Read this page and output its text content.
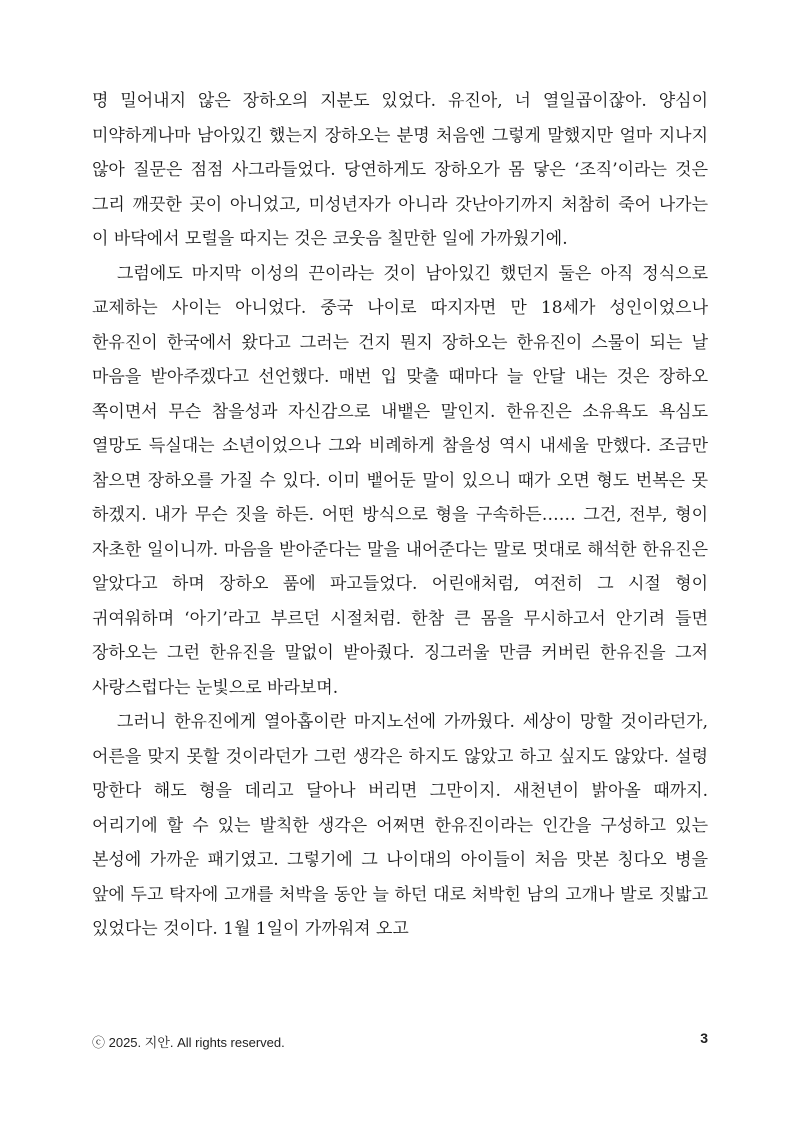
명 밀어내지 않은 장하오의 지분도 있었다. 유진아, 너 열일곱이잖아. 양심이 미약하게나마 남아있긴 했는지 장하오는 분명 처음엔 그렇게 말했지만 얼마 지나지 않아 질문은 점점 사그라들었다. 당연하게도 장하오가 몸 닿은 ‘조직’이라는 것은 그리 깨끗한 곳이 아니었고, 미성년자가 아니라 갓난아기까지 처참히 죽어 나가는 이 바닥에서 모럴을 따지는 것은 코웃음 칠만한 일에 가까웠기에.

그럼에도 마지막 이성의 끈이라는 것이 남아있긴 했던지 둘은 아직 정식으로 교제하는 사이는 아니었다. 중국 나이로 따지자면 만 18세가 성인이었으나 한유진이 한국에서 왔다고 그러는 건지 뭔지 장하오는 한유진이 스물이 되는 날 마음을 받아주겠다고 선언했다. 매번 입 맞출 때마다 늘 안달 내는 것은 장하오 쪽이면서 무슨 참을성과 자신감으로 내뱉은 말인지. 한유진은 소유욕도 욕심도 열망도 득실대는 소년이었으나 그와 비례하게 참을성 역시 내세울 만했다. 조금만 참으면 장하오를 가질 수 있다. 이미 뱉어둔 말이 있으니 때가 오면 형도 번복은 못 하겠지. 내가 무슨 짓을 하든. 어떤 방식으로 형을 구속하든…… 그건, 전부, 형이 자초한 일이니까. 마음을 받아준다는 말을 내어준다는 말로 멋대로 해석한 한유진은 알았다고 하며 장하오 품에 파고들었다. 어린애처럼, 여전히 그 시절 형이 귀여워하며 ‘아기’라고 부르던 시절처럼. 한참 큰 몸을 무시하고서 안기려 들면 장하오는 그런 한유진을 말없이 받아줬다. 징그러울 만큼 커버린 한유진을 그저 사랑스럽다는 눈빛으로 바라보며.

그러니 한유진에게 열아홉이란 마지노선에 가까웠다. 세상이 망할 것이라던가, 어른을 맞지 못할 것이라던가 그런 생각은 하지도 않았고 하고 싶지도 않았다. 설령 망한다 해도 형을 데리고 달아나 버리면 그만이지. 새천년이 밝아올 때까지. 어리기에 할 수 있는 발칙한 생각은 어쩌면 한유진이라는 인간을 구성하고 있는 본성에 가까운 패기였고. 그렇기에 그 나이대의 아이들이 처음 맛본 칭다오 병을 앞에 두고 탁자에 고개를 처박을 동안 늘 하던 대로 처박힌 남의 고개나 발로 짓밟고 있었다는 것이다. 1월 1일이 가까워져 오고

ⓒ 2025. 지안. All rights reserved.	3
